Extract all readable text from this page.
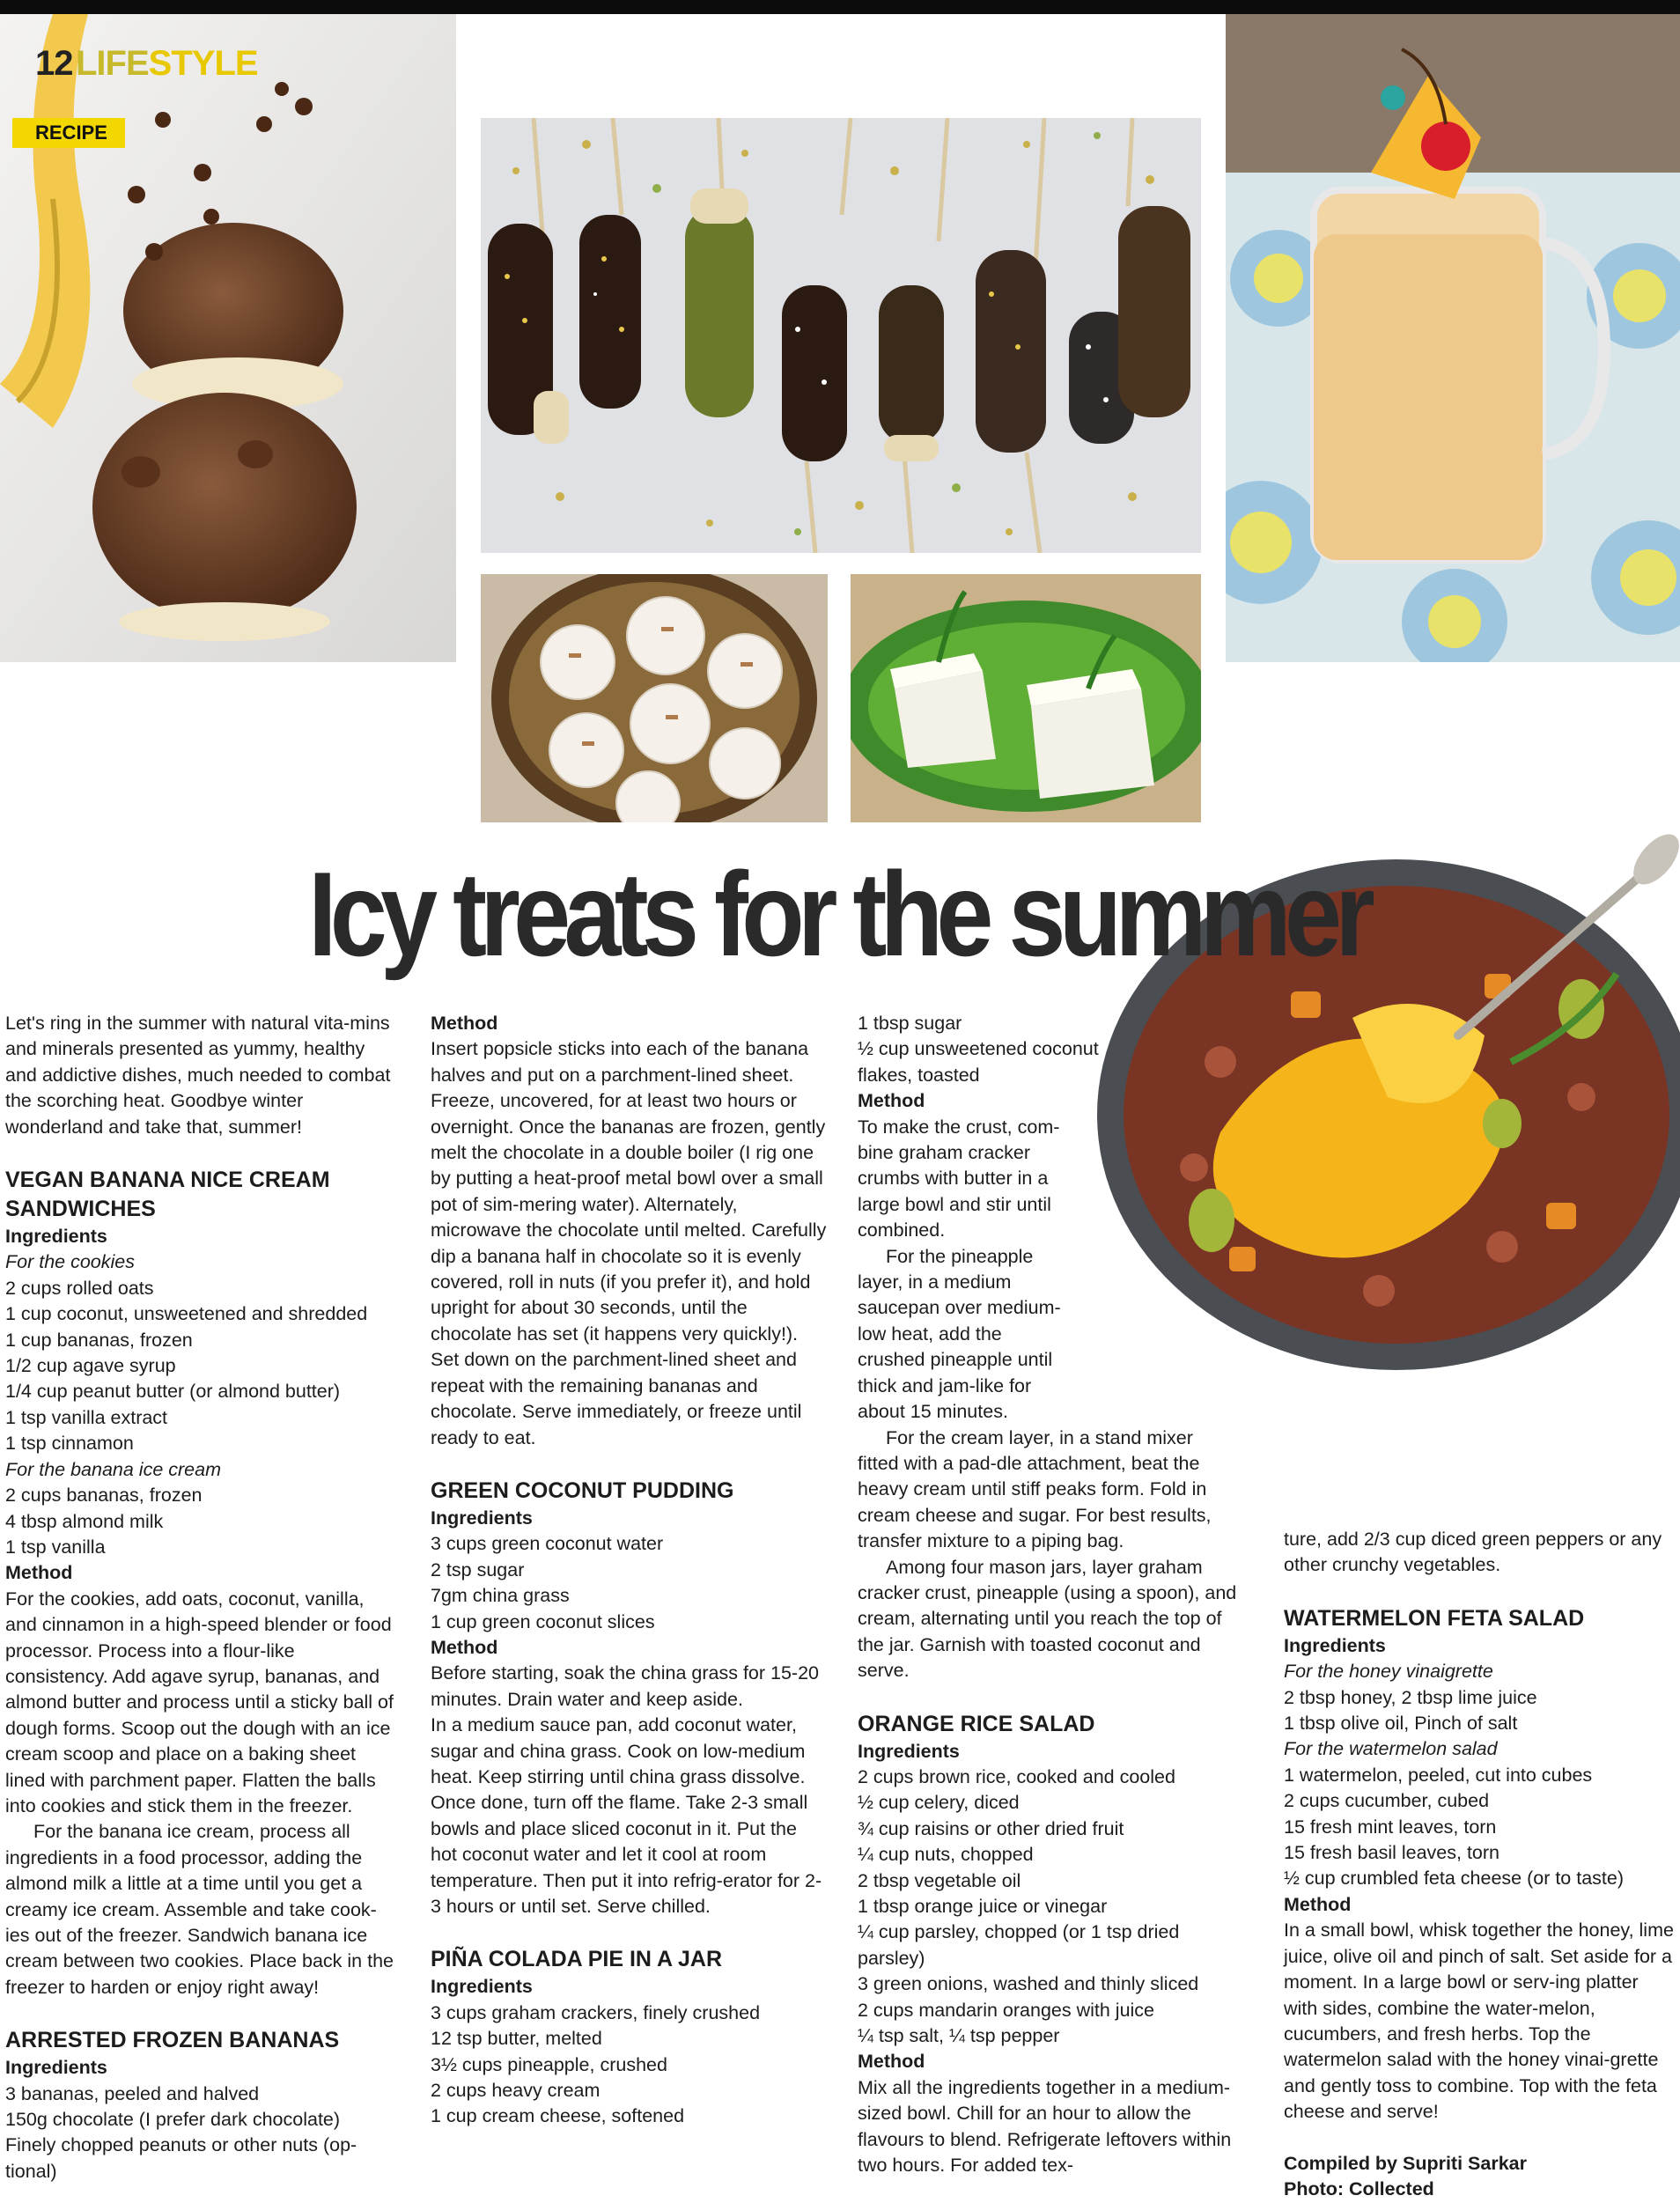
12 LIFESTYLE
RECIPE
Icy treats for the summer

Let's ring in the summer with natural vita-mins and minerals presented as yummy, healthy and addictive dishes, much needed to combat the scorching heat. Goodbye winter wonderland and take that, summer!

VEGAN BANANA NICE CREAM SANDWICHES

Ingredients

For the cookies

2 cups rolled oats

1 cup coconut, unsweetened and shredded

1 cup bananas, frozen

1/2 cup agave syrup

1/4 cup peanut butter (or almond butter)

1 tsp vanilla extract

1 tsp cinnamon

For the banana ice cream

2 cups bananas, frozen

4 tbsp almond milk

1 tsp vanilla

Method

For the cookies, add oats, coconut, vanilla, and cinnamon in a high-speed blender or food processor. Process into a flour-like consistency. Add agave syrup, bananas, and almond butter and process until a sticky ball of dough forms. Scoop out the dough with an ice cream scoop and place on a baking sheet lined with parchment paper. Flatten the balls into cookies and stick them in the freezer.

For the banana ice cream, process all ingredients in a food processor, adding the almond milk a little at a time until you get a creamy ice cream. Assemble and take cook-ies out of the freezer. Sandwich banana ice cream between two cookies. Place back in the freezer to harden or enjoy right away!

ARRESTED FROZEN BANANAS

Ingredients

3 bananas, peeled and halved

150g chocolate (I prefer dark chocolate)

Finely chopped peanuts or other nuts (op-tional)

Method

Insert popsicle sticks into each of the banana halves and put on a parchment-lined sheet. Freeze, uncovered, for at least two hours or overnight. Once the bananas are frozen, gently melt the chocolate in a double boiler (I rig one by putting a heat-proof metal bowl over a small pot of sim-mering water). Alternately, microwave the chocolate until melted. Carefully dip a banana half in chocolate so it is evenly covered, roll in nuts (if you prefer it), and hold upright for about 30 seconds, until the chocolate has set (it happens very quickly!). Set down on the parchment-lined sheet and repeat with the remaining bananas and chocolate. Serve immediately, or freeze until ready to eat.

GREEN COCONUT PUDDING

Ingredients

3 cups green coconut water

2 tsp sugar

7gm china grass

1 cup green coconut slices

Method

Before starting, soak the china grass for 15-20 minutes. Drain water and keep aside.

In a medium sauce pan, add coconut water, sugar and china grass. Cook on low-medium heat. Keep stirring until china grass dissolve. Once done, turn off the flame. Take 2-3 small bowls and place sliced coconut in it. Put the hot coconut water and let it cool at room temperature. Then put it into refrig-erator for 2-3 hours or until set. Serve chilled.

PIÑA COLADA PIE IN A JAR

Ingredients

3 cups graham crackers, finely crushed

12 tsp butter, melted

3½ cups pineapple, crushed

2 cups heavy cream

1 cup cream cheese, softened

1 tbsp sugar

½ cup unsweetened coconut flakes, toasted

Method

To make the crust, com-bine graham cracker crumbs with butter in a large bowl and stir until combined.

For the pineapple layer, in a medium saucepan over medium-low heat, add the crushed pineapple until thick and jam-like for about 15 minutes.

For the cream layer, in a stand mixer fitted with a pad-dle attachment, beat the heavy cream until stiff peaks form. Fold in cream cheese and sugar. For best results, transfer mixture to a piping bag.

Among four mason jars, layer graham cracker crust, pineapple (using a spoon), and cream, alternating until you reach the top of the jar. Garnish with toasted coconut and serve.

ORANGE RICE SALAD

Ingredients

2 cups brown rice, cooked and cooled

½ cup celery, diced

¾ cup raisins or other dried fruit

¼ cup nuts, chopped

2 tbsp vegetable oil

1 tbsp orange juice or vinegar

¼ cup parsley, chopped (or 1 tsp dried parsley)

3 green onions, washed and thinly sliced

2 cups mandarin oranges with juice

¼ tsp salt, ¼ tsp pepper

Method

Mix all the ingredients together in a medium-sized bowl. Chill for an hour to allow the flavours to blend. Refrigerate leftovers within two hours. For added tex-

ture, add 2/3 cup diced green peppers or any other crunchy vegetables.

WATERMELON FETA SALAD

Ingredients

For the honey vinaigrette

2 tbsp honey, 2 tbsp lime juice

1 tbsp olive oil, Pinch of salt

For the watermelon salad

1 watermelon, peeled, cut into cubes

2 cups cucumber, cubed

15 fresh mint leaves, torn

15 fresh basil leaves, torn

½ cup crumbled feta cheese (or to taste)

Method

In a small bowl, whisk together the honey, lime juice, olive oil and pinch of salt. Set aside for a moment. In a large bowl or serv-ing platter with sides, combine the water-melon, cucumbers, and fresh herbs. Top the watermelon salad with the honey vinai-grette and gently toss to combine. Top with the feta cheese and serve!

Compiled by Supriti Sarkar

Photo: Collected
